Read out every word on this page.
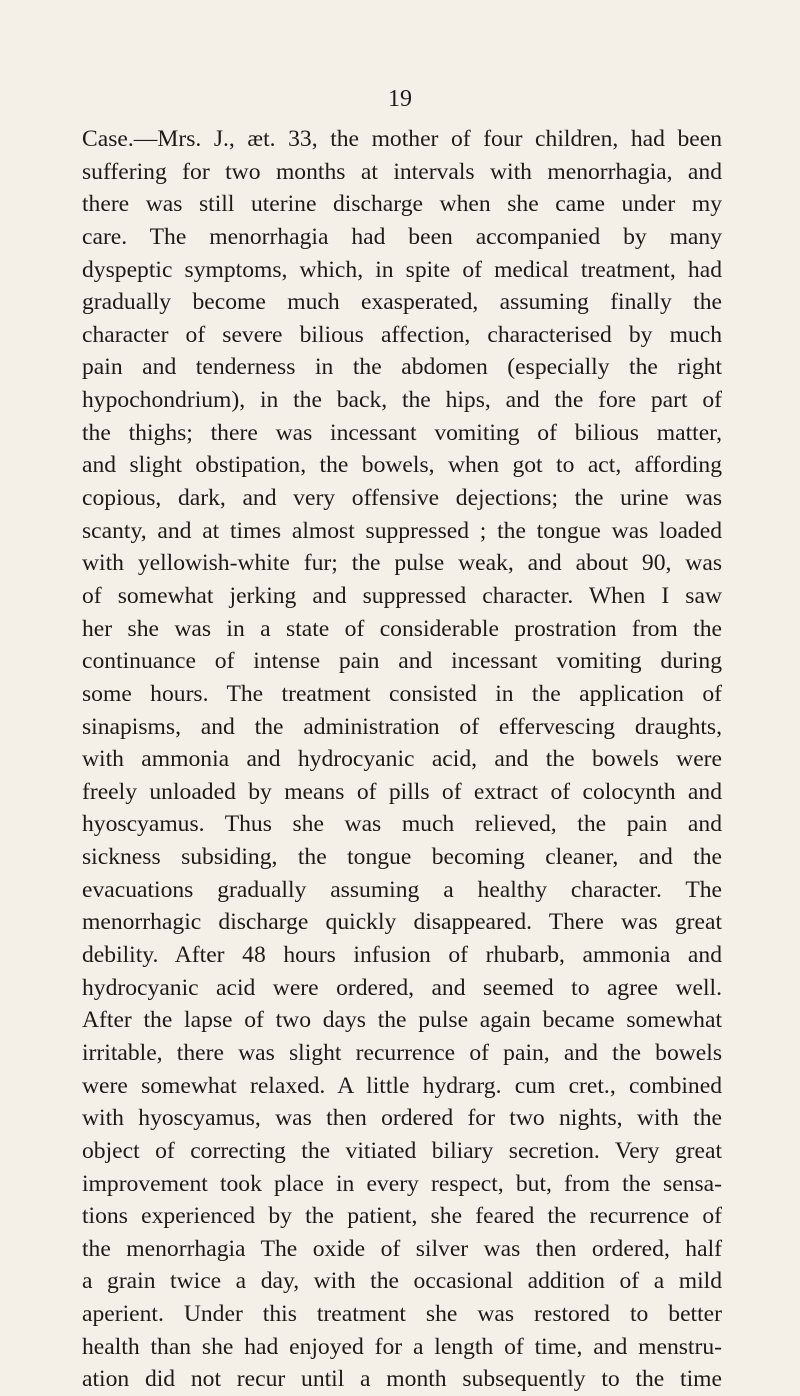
19
Case.—Mrs. J., æt. 33, the mother of four children, had been
suffering for two months at intervals with menorrhagia, and
there was still uterine discharge when she came under my
care. The menorrhagia had been accompanied by many
dyspeptic symptoms, which, in spite of medical treatment, had
gradually become much exasperated, assuming finally the
character of severe bilious affection, characterised by much
pain and tenderness in the abdomen (especially the right
hypochondrium), in the back, the hips, and the fore part of
the thighs; there was incessant vomiting of bilious matter,
and slight obstipation, the bowels, when got to act, affording
copious, dark, and very offensive dejections; the urine was
scanty, and at times almost suppressed ; the tongue was loaded
with yellowish-white fur; the pulse weak, and about 90, was
of somewhat jerking and suppressed character. When I saw
her she was in a state of considerable prostration from the
continuance of intense pain and incessant vomiting during
some hours. The treatment consisted in the application of
sinapisms, and the administration of effervescing draughts,
with ammonia and hydrocyanic acid, and the bowels were
freely unloaded by means of pills of extract of colocynth and
hyoscyamus. Thus she was much relieved, the pain and
sickness subsiding, the tongue becoming cleaner, and the
evacuations gradually assuming a healthy character. The
menorrhagic discharge quickly disappeared. There was great
debility. After 48 hours infusion of rhubarb, ammonia and
hydrocyanic acid were ordered, and seemed to agree well.
After the lapse of two days the pulse again became somewhat
irritable, there was slight recurrence of pain, and the bowels
were somewhat relaxed. A little hydrarg. cum cret., combined
with hyoscyamus, was then ordered for two nights, with the
object of correcting the vitiated biliary secretion. Very great
improvement took place in every respect, but, from the sensa-
tions experienced by the patient, she feared the recurrence of
the menorrhagia The oxide of silver was then ordered, half
a grain twice a day, with the occasional addition of a mild
aperient. Under this treatment she was restored to better
health than she had enjoyed for a length of time, and menstru-
ation did not recur until a month subsequently to the time
